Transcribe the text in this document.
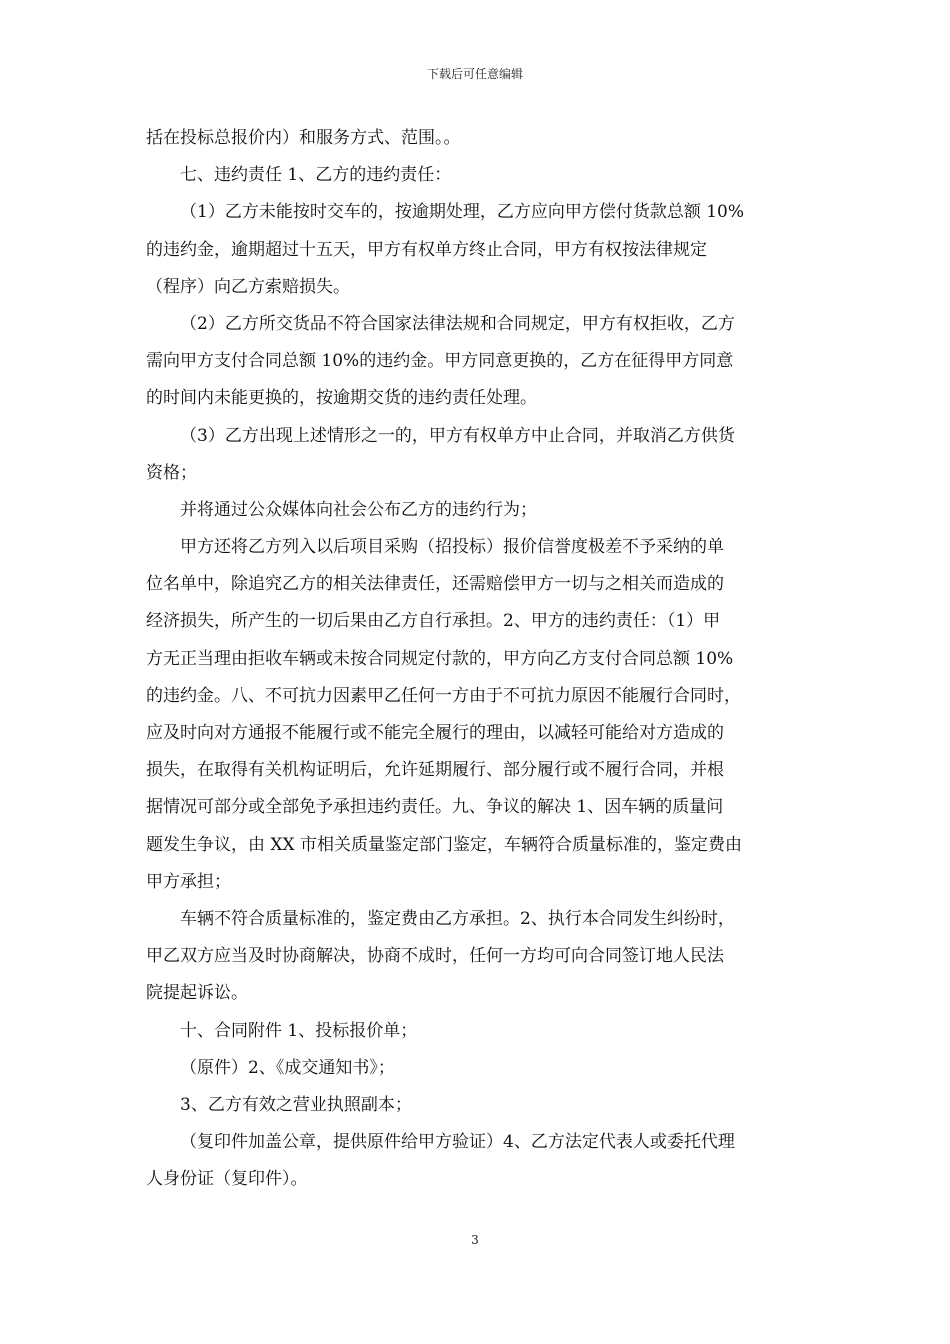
下载后可任意编辑
括在投标总报价内）和服务方式、范围。。
七、违约责任 1、乙方的违约责任：
（1）乙方未能按时交车的，按逾期处理，乙方应向甲方偿付货款总额 10%
的违约金，逾期超过十五天，甲方有权单方终止合同，甲方有权按法律规定
（程序）向乙方索赔损失。
（2）乙方所交货品不符合国家法律法规和合同规定，甲方有权拒收，乙方
需向甲方支付合同总额 10%的违约金。甲方同意更换的，乙方在征得甲方同意
的时间内未能更换的，按逾期交货的违约责任处理。
（3）乙方出现上述情形之一的，甲方有权单方中止合同，并取消乙方供货
资格；
并将通过公众媒体向社会公布乙方的违约行为；
甲方还将乙方列入以后项目采购（招投标）报价信誉度极差不予采纳的单
位名单中，除追究乙方的相关法律责任，还需赔偿甲方一切与之相关而造成的
经济损失，所产生的一切后果由乙方自行承担。2、甲方的违约责任：（1）甲
方无正当理由拒收车辆或未按合同规定付款的，甲方向乙方支付合同总额 10%
的违约金。八、不可抗力因素甲乙任何一方由于不可抗力原因不能履行合同时，
应及时向对方通报不能履行或不能完全履行的理由，以减轻可能给对方造成的
损失，在取得有关机构证明后，允许延期履行、部分履行或不履行合同，并根
据情况可部分或全部免予承担违约责任。九、争议的解决 1、因车辆的质量问
题发生争议，由 XX 市相关质量鉴定部门鉴定，车辆符合质量标准的，鉴定费由
甲方承担；
车辆不符合质量标准的，鉴定费由乙方承担。2、执行本合同发生纠纷时，
甲乙双方应当及时协商解决，协商不成时，任何一方均可向合同签订地人民法
院提起诉讼。
十、合同附件 1、投标报价单；
（原件）2、《成交通知书》；
3、乙方有效之营业执照副本；
（复印件加盖公章，提供原件给甲方验证）4、乙方法定代表人或委托代理
人身份证（复印件）。
3
